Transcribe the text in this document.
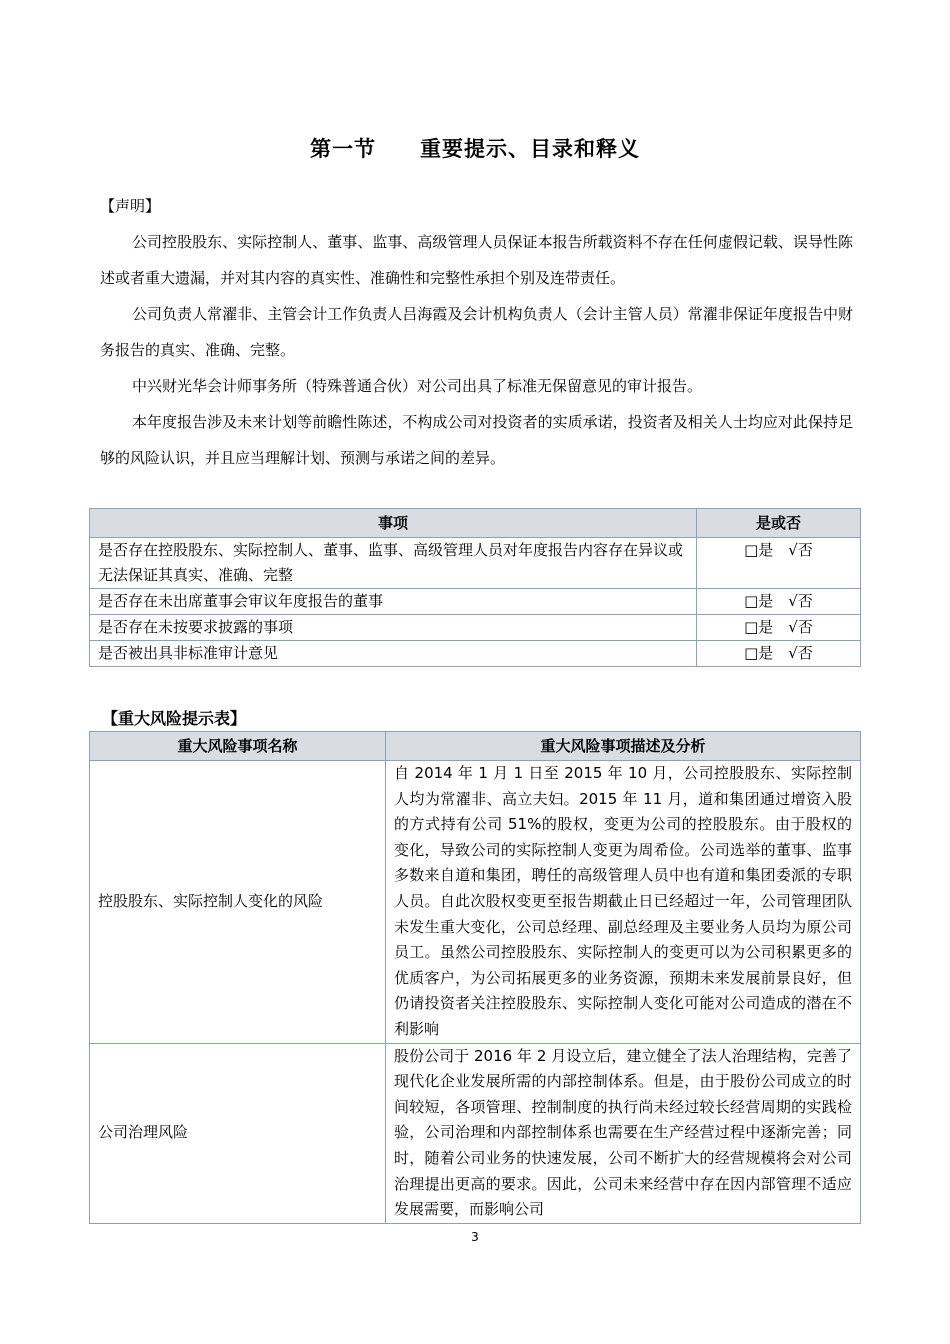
第一节　　重要提示、目录和释义

【声明】

公司控股股东、实际控制人、董事、监事、高级管理人员保证本报告所载资料不存在任何虚假记载、误导性陈述或者重大遗漏，并对其内容的真实性、准确性和完整性承担个别及连带责任。

公司负责人常濯非、主管会计工作负责人吕海霞及会计机构负责人（会计主管人员）常濯非保证年度报告中财务报告的真实、准确、完整。

中兴财光华会计师事务所（特殊普通合伙）对公司出具了标准无保留意见的审计报告。

本年度报告涉及未来计划等前瞻性陈述，不构成公司对投资者的实质承诺，投资者及相关人士均应对此保持足够的风险认识，并且应当理解计划、预测与承诺之间的差异。

事项	是或否
是否存在控股股东、实际控制人、董事、监事、高级管理人员对年度报告内容存在异议或无法保证其真实、准确、完整	□是　√否
是否存在未出席董事会审议年度报告的董事	□是　√否
是否存在未按要求披露的事项	□是　√否
是否被出具非标准审计意见	□是　√否
【重大风险提示表】
重大风险事项名称	重大风险事项描述及分析
控股股东、实际控制人变化的风险	自 2014 年 1 月 1 日至 2015 年 10 月，公司控股股东、实际控制人均为常濯非、高立夫妇。2015 年 11 月，道和集团通过增资入股的方式持有公司 51%的股权，变更为公司的控股股东。由于股权的变化，导致公司的实际控制人变更为周希俭。公司选举的董事、监事多数来自道和集团，聘任的高级管理人员中也有道和集团委派的专职人员。自此次股权变更至报告期截止日已经超过一年，公司管理团队未发生重大变化，公司总经理、副总经理及主要业务人员均为原公司员工。虽然公司控股股东、实际控制人的变更可以为公司积累更多的优质客户，为公司拓展更多的业务资源，预期未来发展前景良好，但仍请投资者关注控股股东、实际控制人变化可能对公司造成的潜在不利影响
公司治理风险	股份公司于 2016 年 2 月设立后，建立健全了法人治理结构，完善了现代化企业发展所需的内部控制体系。但是，由于股份公司成立的时间较短，各项管理、控制制度的执行尚未经过较长经营周期的实践检验，公司治理和内部控制体系也需要在生产经营过程中逐渐完善；同时，随着公司业务的快速发展，公司不断扩大的经营规模将会对公司治理提出更高的要求。因此，公司未来经营中存在因内部管理不适应发展需要，而影响公司
3
